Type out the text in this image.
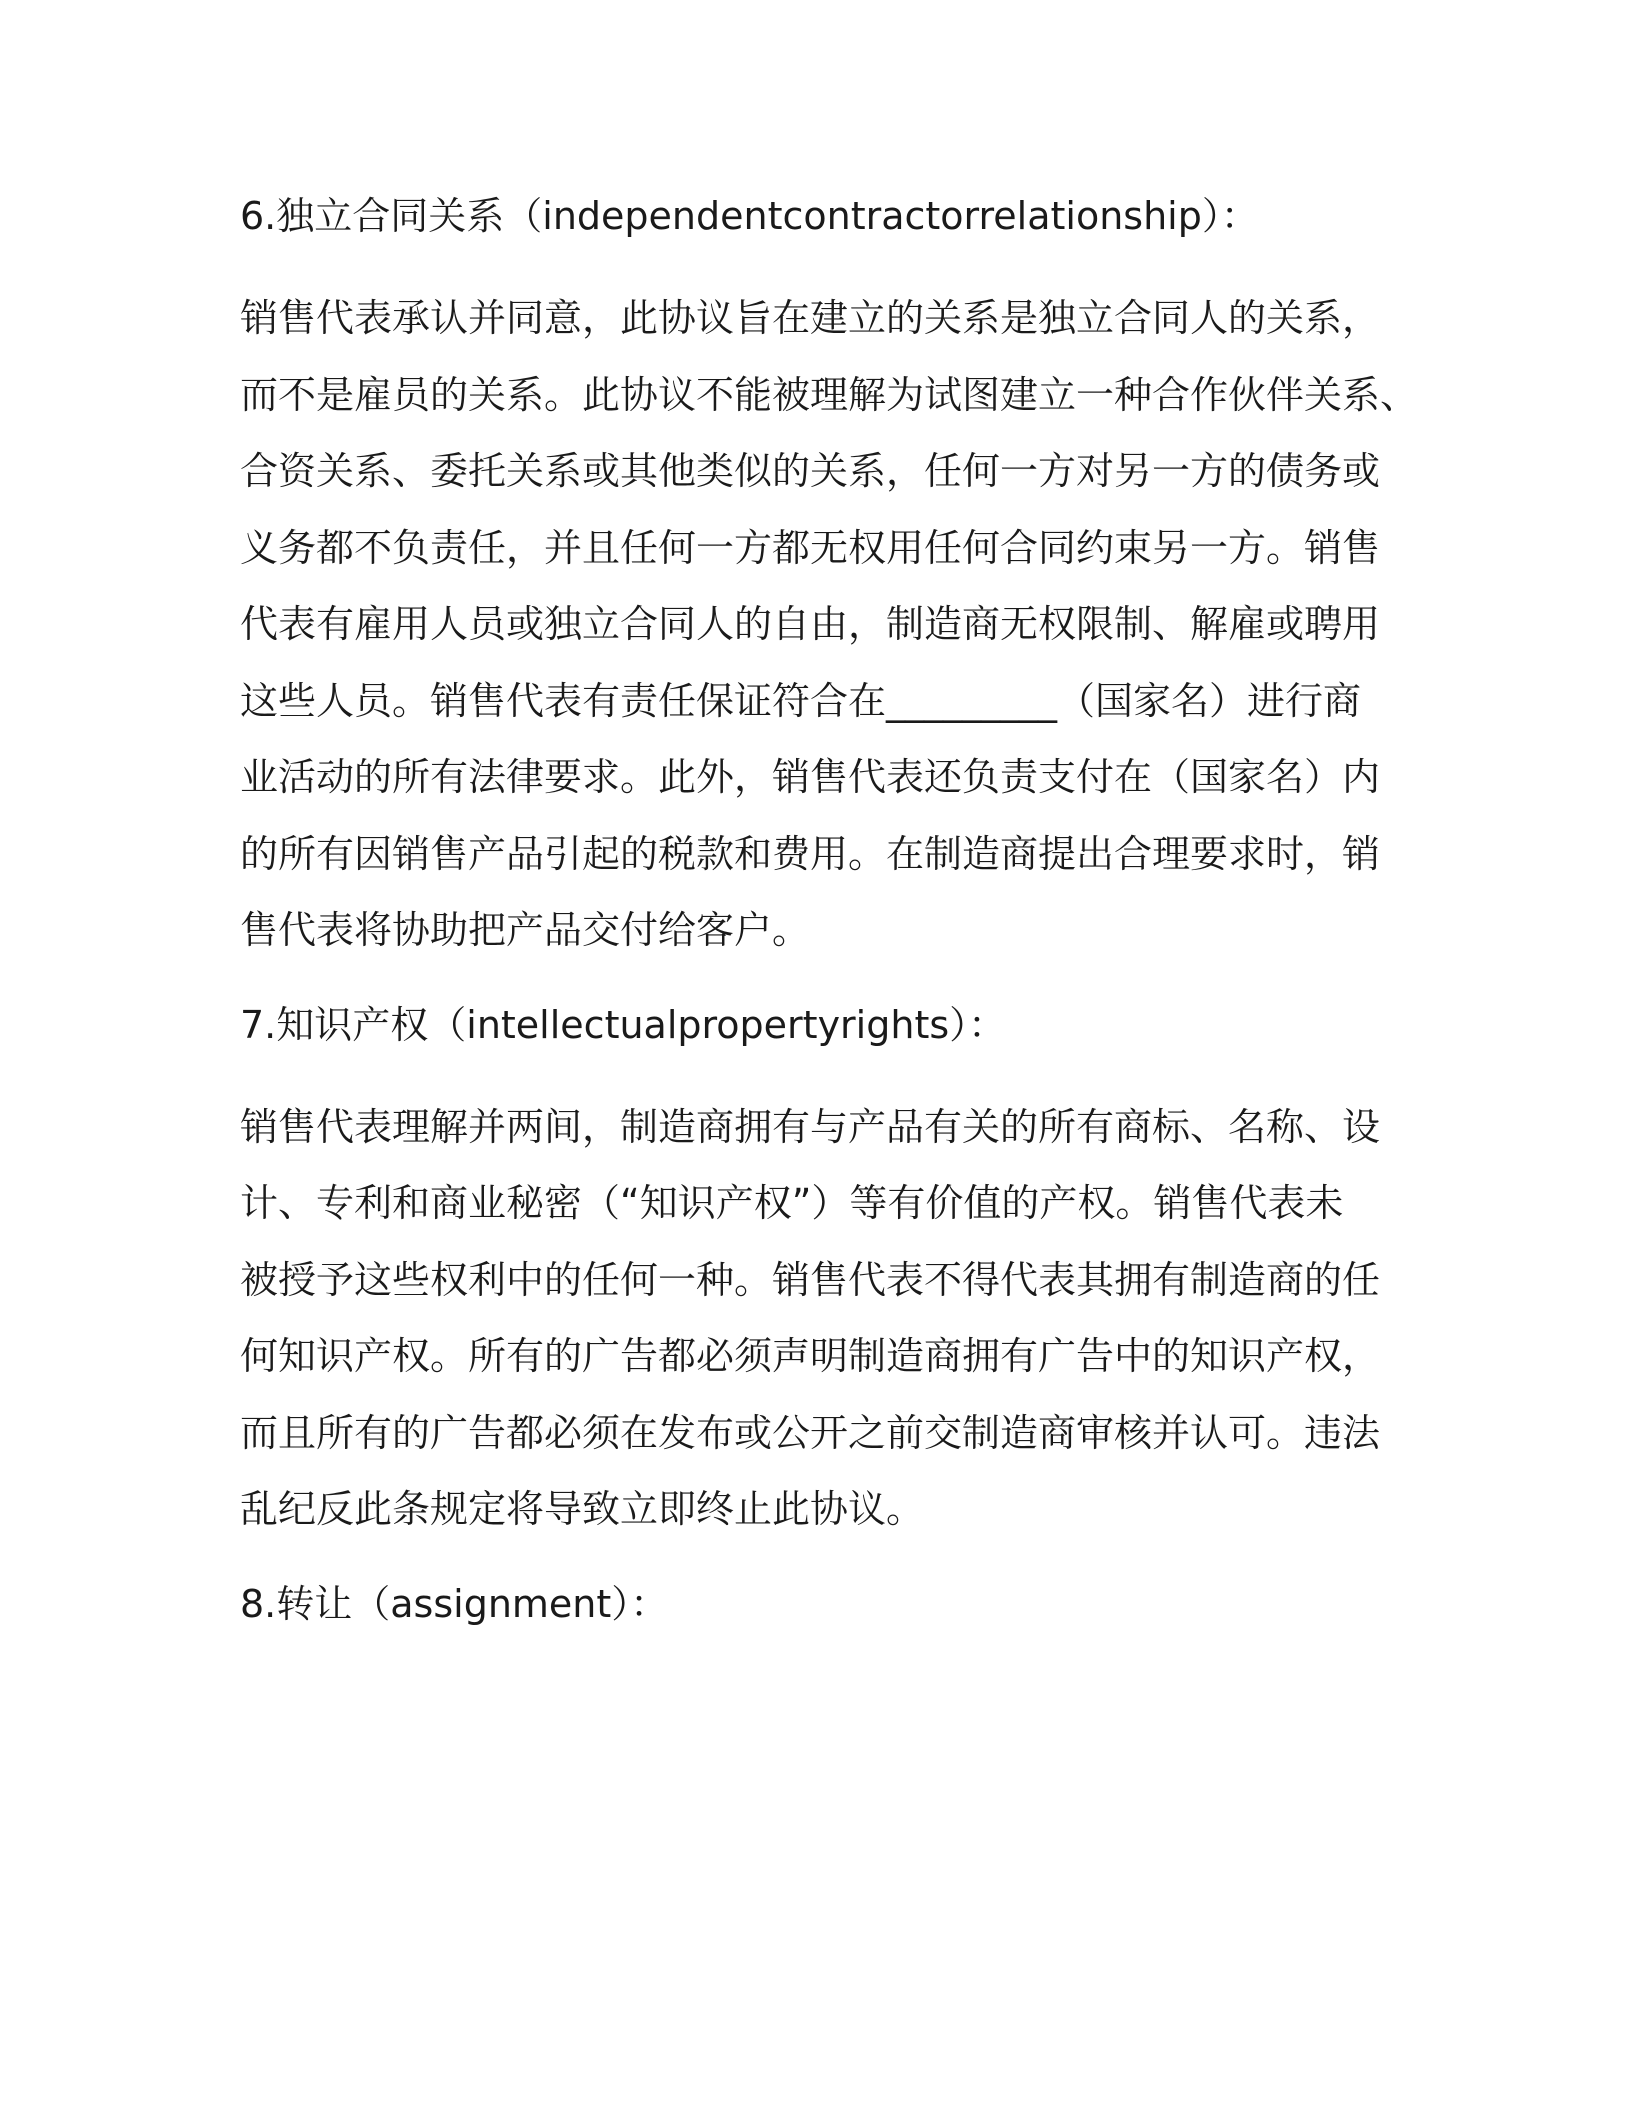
6.独立合同关系（independentcontractorrelationship）：
销售代表承认并同意，此协议旨在建立的关系是独立合同人的关系，
而不是雇员的关系。此协议不能被理解为试图建立一种合作伙伴关系、
合资关系、委托关系或其他类似的关系，任何一方对另一方的债务或
义务都不负责任，并且任何一方都无权用任何合同约束另一方。销售
代表有雇用人员或独立合同人的自由，制造商无权限制、解雇或聘用
这些人员。销售代表有责任保证符合在_________（国家名）进行商
业活动的所有法律要求。此外，销售代表还负责支付在（国家名）内
的所有因销售产品引起的税款和费用。在制造商提出合理要求时，销
售代表将协助把产品交付给客户。
7.知识产权（intellectualpropertyrights）：
销售代表理解并两间，制造商拥有与产品有关的所有商标、名称、设
计、专利和商业秘密（“知识产权”）等有价值的产权。销售代表未
被授予这些权利中的任何一种。销售代表不得代表其拥有制造商的任
何知识产权。所有的广告都必须声明制造商拥有广告中的知识产权，
而且所有的广告都必须在发布或公开之前交制造商审核并认可。违法
乱纪反此条规定将导致立即终止此协议。
8.转让（assignment）：
